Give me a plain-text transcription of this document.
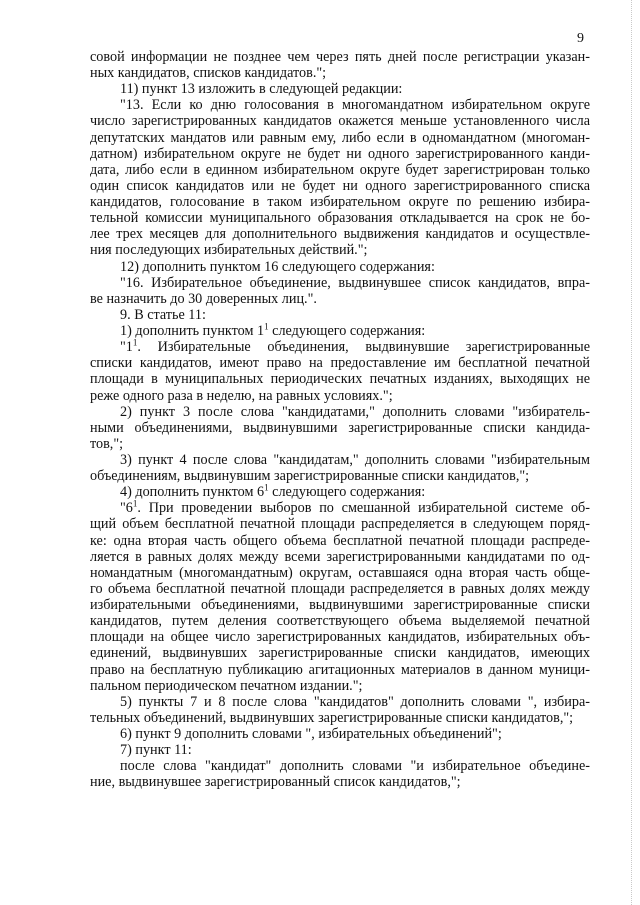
9
совой информации не позднее чем через пять дней после регистрации указан-
ных кандидатов, списков кандидатов.";
11) пункт 13 изложить в следующей редакции:
"13. Если ко дню голосования в многомандатном избирательном округе
число зарегистрированных кандидатов окажется меньше установленного числа
депутатских мандатов или равным ему, либо если в одномандатном (многоман-
датном) избирательном округе не будет ни одного зарегистрированного канди-
дата, либо если в единном избирательном округе будет зарегистрирован только
один список кандидатов или не будет ни одного зарегистрированного списка
кандидатов, голосование в таком избирательном округе по решению избира-
тельной комиссии муниципального образования откладывается на срок не бо-
лее трех месяцев для дополнительного выдвижения кандидатов и осуществле-
ния последующих избирательных действий.";
12) дополнить пунктом 16 следующего содержания:
"16. Избирательное объединение, выдвинувшее список кандидатов, впра-
ве назначить до 30 доверенных лиц.".
9. В статье 11:
1) дополнить пунктом $1^1$ следующего содержания:
"$1^1$. Избирательные объединения, выдвинувшие зарегистрированные
списки кандидатов, имеют право на предоставление им бесплатной печатной
площади в муниципальных периодических печатных изданиях, выходящих не
реже одного раза в неделю, на равных условиях.";
2) пункт 3 после слова "кандидатами," дополнить словами "избиратель-
ными объединениями, выдвинувшими зарегистрированные списки кандида-
тов,";
3) пункт 4 после слова "кандидатам," дополнить словами "избирательным
объединениям, выдвинувшим зарегистрированные списки кандидатов,";
4) дополнить пунктом $6^1$ следующего содержания:
"$6^1$. При проведении выборов по смешанной избирательной системе об-
щий объем бесплатной печатной площади распределяется в следующем поряд-
ке: одна вторая часть общего объема бесплатной печатной площади распреде-
ляется в равных долях между всеми зарегистрированными кандидатами по од-
номандатным (многомандатным) округам, оставшаяся одна вторая часть обще-
го объема бесплатной печатной площади распределяется в равных долях между
избирательными объединениями, выдвинувшими зарегистрированные списки
кандидатов, путем деления соответствующего объема выделяемой печатной
площади на общее число зарегистрированных кандидатов, избирательных объ-
единений, выдвинувших зарегистрированные списки кандидатов, имеющих
право на бесплатную публикацию агитационных материалов в данном муници-
пальном периодическом печатном издании.";
5) пункты 7 и 8 после слова "кандидатов" дополнить словами ", избира-
тельных объединений, выдвинувших зарегистрированные списки кандидатов,";
6) пункт 9 дополнить словами ", избирательных объединений";
7) пункт 11:
после слова "кандидат" дополнить словами "и избирательное объедине-
ние, выдвинувшее зарегистрированный список кандидатов,";
